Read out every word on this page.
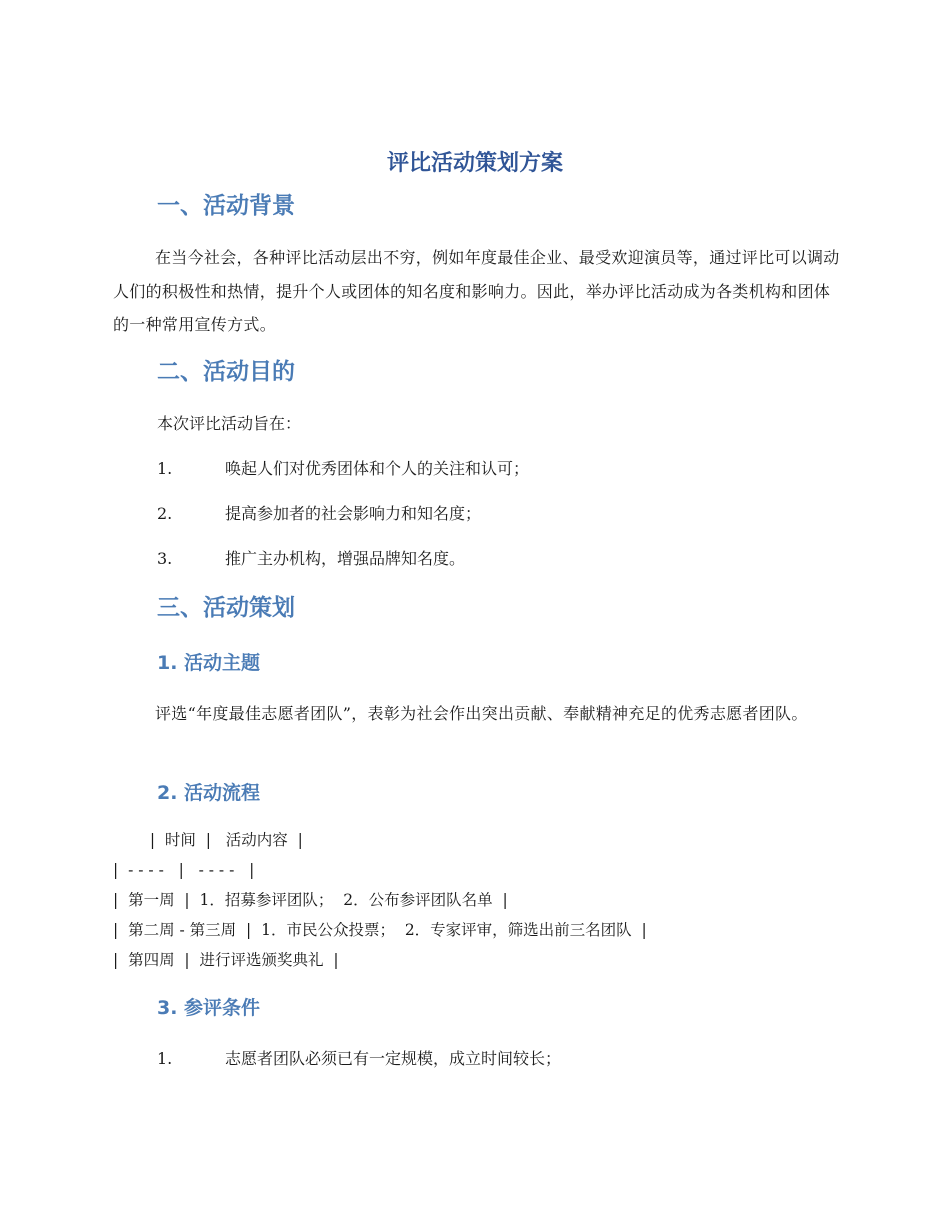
评比活动策划方案
一、活动背景

在当今社会，各种评比活动层出不穷，例如年度最佳企业、最受欢迎演员等，通过评比可以调动人们的积极性和热情，提升个人或团体的知名度和影响力。因此，举办评比活动成为各类机构和团体的一种常用宣传方式。

二、活动目的

本次评比活动旨在：

1.	唤起人们对优秀团体和个人的关注和认可；

2.	提高参加者的社会影响力和知名度；

3.	推广主办机构，增强品牌知名度。

三、活动策划
1. 活动主题

评选“年度最佳志愿者团队”，表彰为社会作出突出贡献、奉献精神充足的优秀志愿者团队。

2. 活动流程

|  时间  |   活动内容  |

|  - - - -   |   - - - -   |

|  第一周  |  1．招募参评团队；  2．公布参评团队名单  |

|  第二周 - 第三周  |  1．市民公众投票；  2．专家评审，筛选出前三名团队  |

|  第四周  |  进行评选颁奖典礼  |

3. 参评条件

1.	志愿者团队必须已有一定规模，成立时间较长；
